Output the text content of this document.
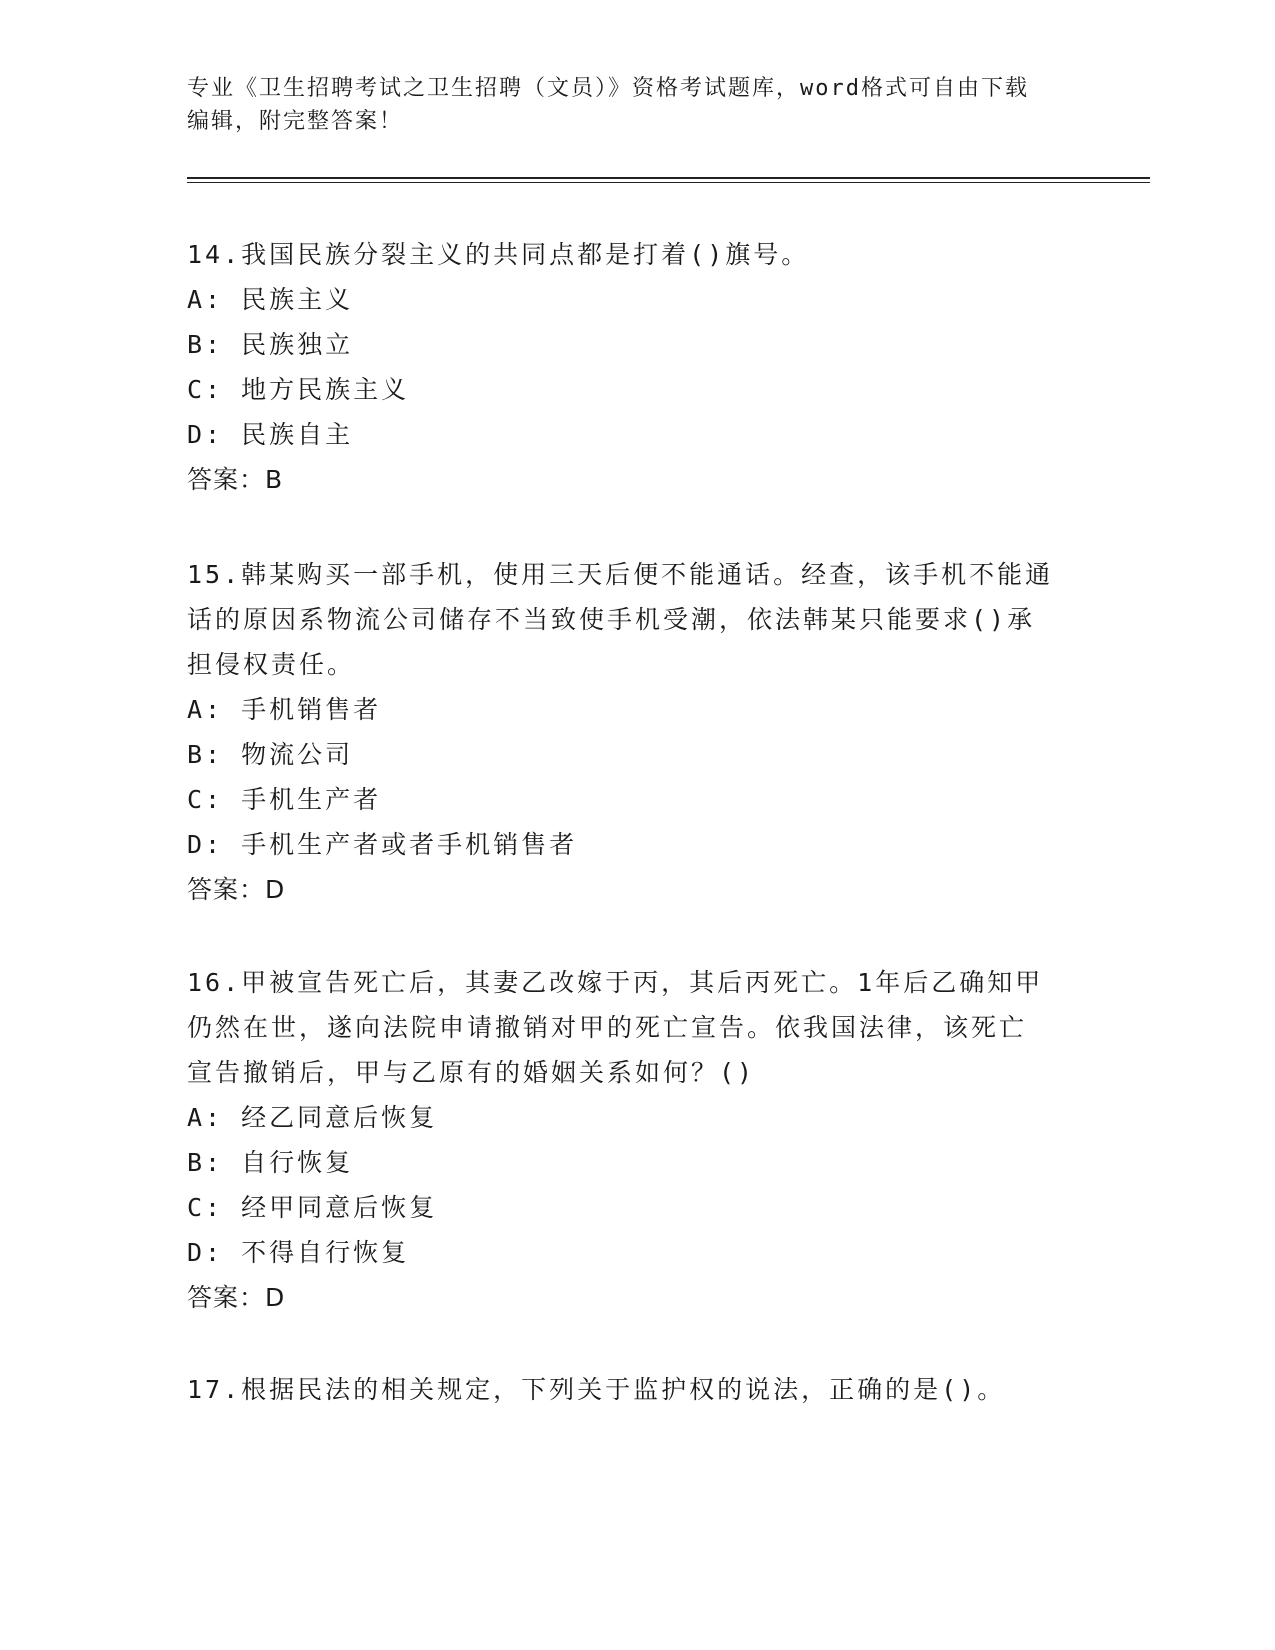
专业《卫生招聘考试之卫生招聘（文员）》资格考试题库，word格式可自由下载
编辑，附完整答案！

14.我国民族分裂主义的共同点都是打着()旗号。

A: 民族主义

B: 民族独立

C: 地方民族主义

D: 民族自主

答案：B

15.韩某购买一部手机，使用三天后便不能通话。经查，该手机不能通

话的原因系物流公司储存不当致使手机受潮，依法韩某只能要求()承

担侵权责任。

A: 手机销售者

B: 物流公司

C: 手机生产者

D: 手机生产者或者手机销售者

答案：D

16.甲被宣告死亡后，其妻乙改嫁于丙，其后丙死亡。1年后乙确知甲

仍然在世，遂向法院申请撤销对甲的死亡宣告。依我国法律，该死亡

宣告撤销后，甲与乙原有的婚姻关系如何？()

A: 经乙同意后恢复

B: 自行恢复

C: 经甲同意后恢复

D: 不得自行恢复

答案：D

17.根据民法的相关规定，下列关于监护权的说法，正确的是()。
